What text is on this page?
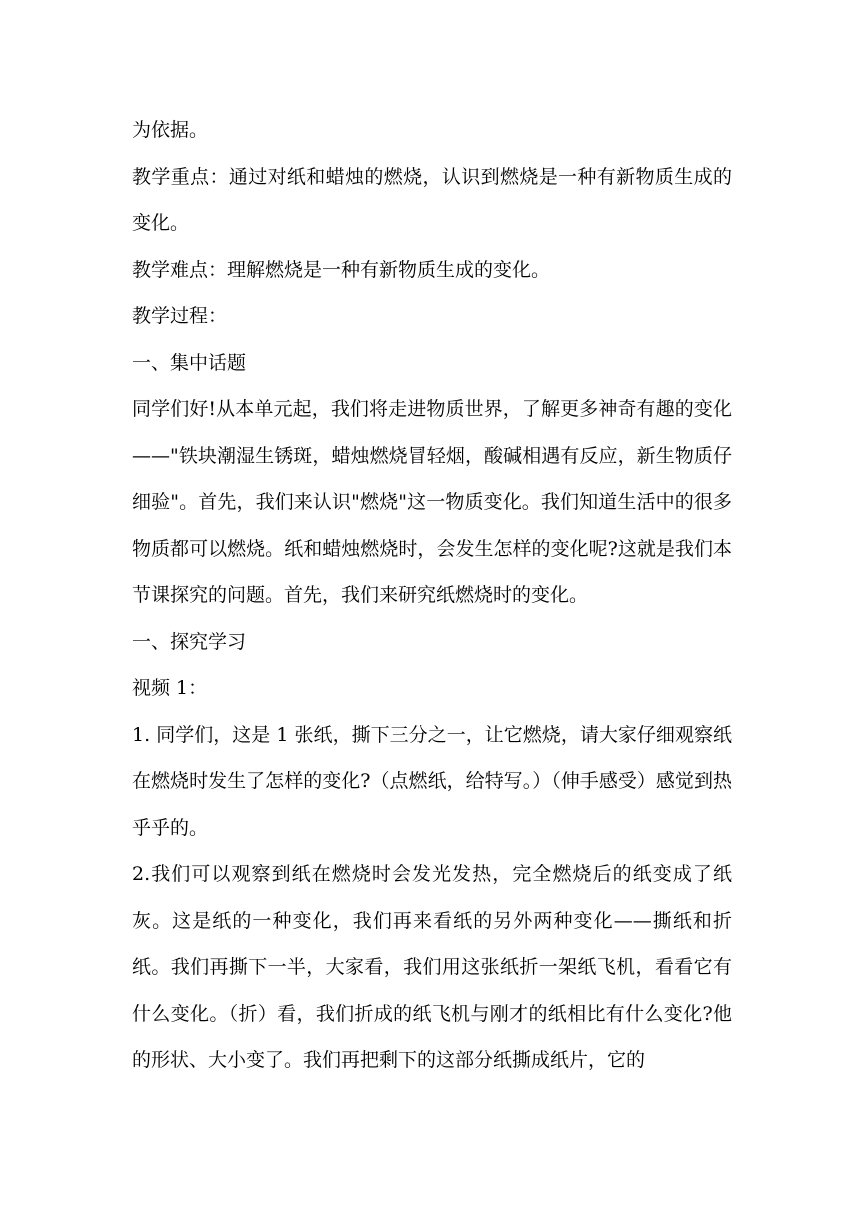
为依据。

教学重点：通过对纸和蜡烛的燃烧，认识到燃烧是一种有新物质生成的变化。

教学难点：理解燃烧是一种有新物质生成的变化。

教学过程：

一、集中话题

同学们好!从本单元起，我们将走进物质世界，了解更多神奇有趣的变化——"铁块潮湿生锈斑，蜡烛燃烧冒轻烟，酸碱相遇有反应，新生物质仔细验"。首先，我们来认识"燃烧"这一物质变化。我们知道生活中的很多物质都可以燃烧。纸和蜡烛燃烧时，会发生怎样的变化呢?这就是我们本节课探究的问题。首先，我们来研究纸燃烧时的变化。

一、探究学习

视频 1：

1. 同学们，这是 1 张纸，撕下三分之一，让它燃烧，请大家仔细观察纸在燃烧时发生了怎样的变化?（点燃纸，给特写。）（伸手感受）感觉到热乎乎的。

2.我们可以观察到纸在燃烧时会发光发热，完全燃烧后的纸变成了纸灰。这是纸的一种变化，我们再来看纸的另外两种变化——撕纸和折纸。我们再撕下一半，大家看，我们用这张纸折一架纸飞机，看看它有什么变化。（折）看，我们折成的纸飞机与刚才的纸相比有什么变化?他的形状、大小变了。我们再把剩下的这部分纸撕成纸片，它的
